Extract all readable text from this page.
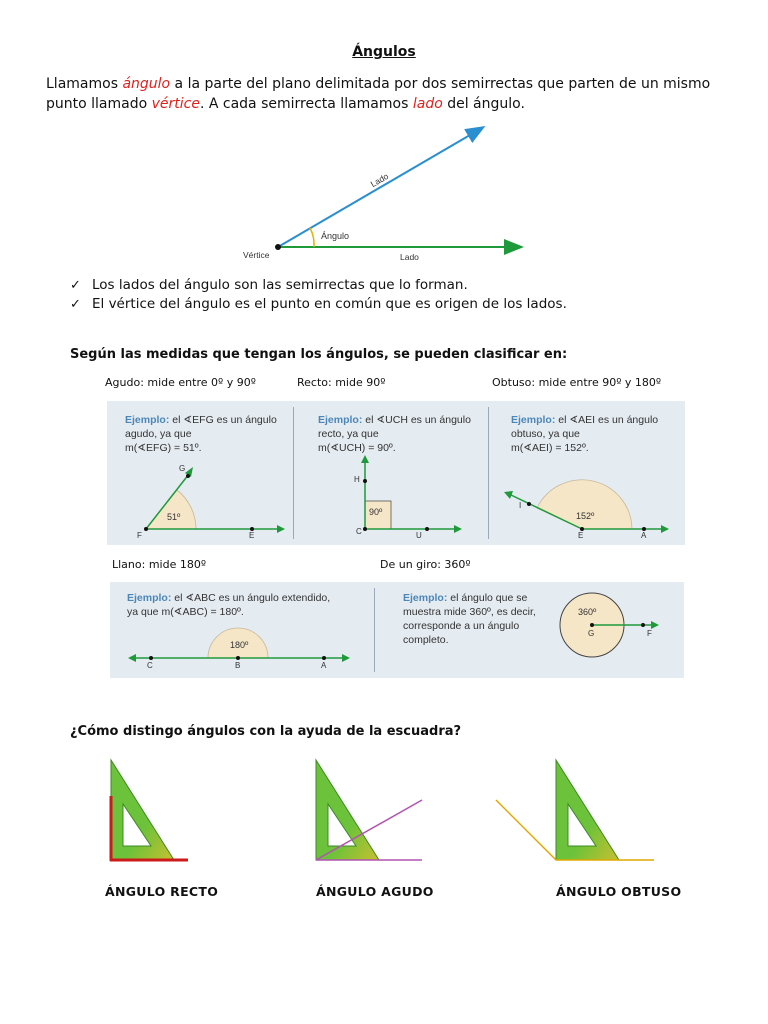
Ángulos
Llamamos ángulo a la parte del plano delimitada por dos semirrectas que parten de un mismo punto llamado vértice. A cada semirrecta llamamos lado del ángulo.
Vértice
Ángulo
Lado
Lado
✓ Los lados del ángulo son las semirrectas que lo forman.
✓ El vértice del ángulo es el punto en común que es origen de los lados.
Según las medidas que tengan los ángulos, se pueden clasificar en:
Agudo: mide entre 0º y 90º	Recto: mide 90º	Obtuso: mide entre 90º y 180º
Ejemplo: el ∢EFG es un ángulo
agudo, ya que
m(∢EFG) = 51º.
Ejemplo: el ∢UCH es un ángulo
recto, ya que
m(∢UCH) = 90º.
Ejemplo: el ∢AEI es un ángulo
obtuso, ya que
m(∢AEI) = 152º.
G
F	E
51º
H
C	U
90º
I
E	A
152º
Llano: mide 180º	De un giro: 360º
Ejemplo: el ∢ABC es un ángulo extendido,
ya que m(∢ABC) = 180º.
Ejemplo: el ángulo que se
muestra mide 360º, es decir,
corresponde a un ángulo
completo.
C	B	A
180º
G	F
360º
¿Cómo distingo ángulos con la ayuda de la escuadra?
ÁNGULO RECTO	ÁNGULO AGUDO	ÁNGULO OBTUSO
